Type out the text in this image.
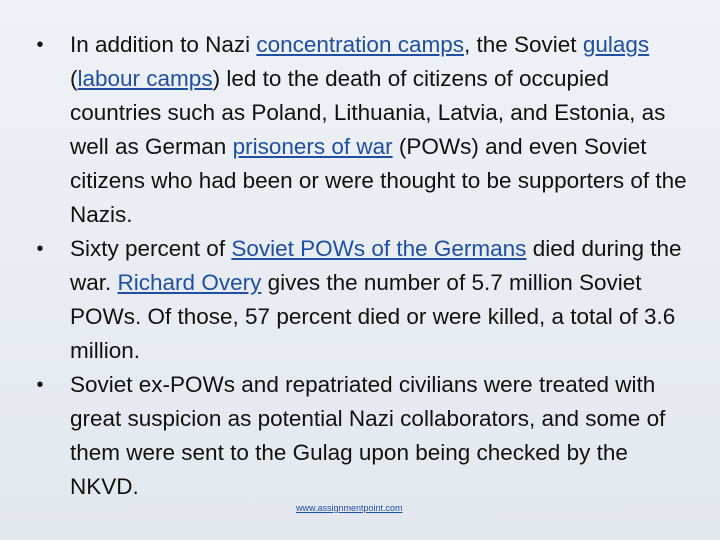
• In addition to Nazi concentration camps, the Soviet gulags (labour camps) led to the death of citizens of occupied countries such as Poland, Lithuania, Latvia, and Estonia, as well as German prisoners of war (POWs) and even Soviet citizens who had been or were thought to be supporters of the Nazis.
• Sixty percent of Soviet POWs of the Germans died during the war. Richard Overy gives the number of 5.7 million Soviet POWs. Of those, 57 percent died or were killed, a total of 3.6 million.
• Soviet ex-POWs and repatriated civilians were treated with great suspicion as potential Nazi collaborators, and some of them were sent to the Gulag upon being checked by the NKVD.
www.assignmentpoint.com
